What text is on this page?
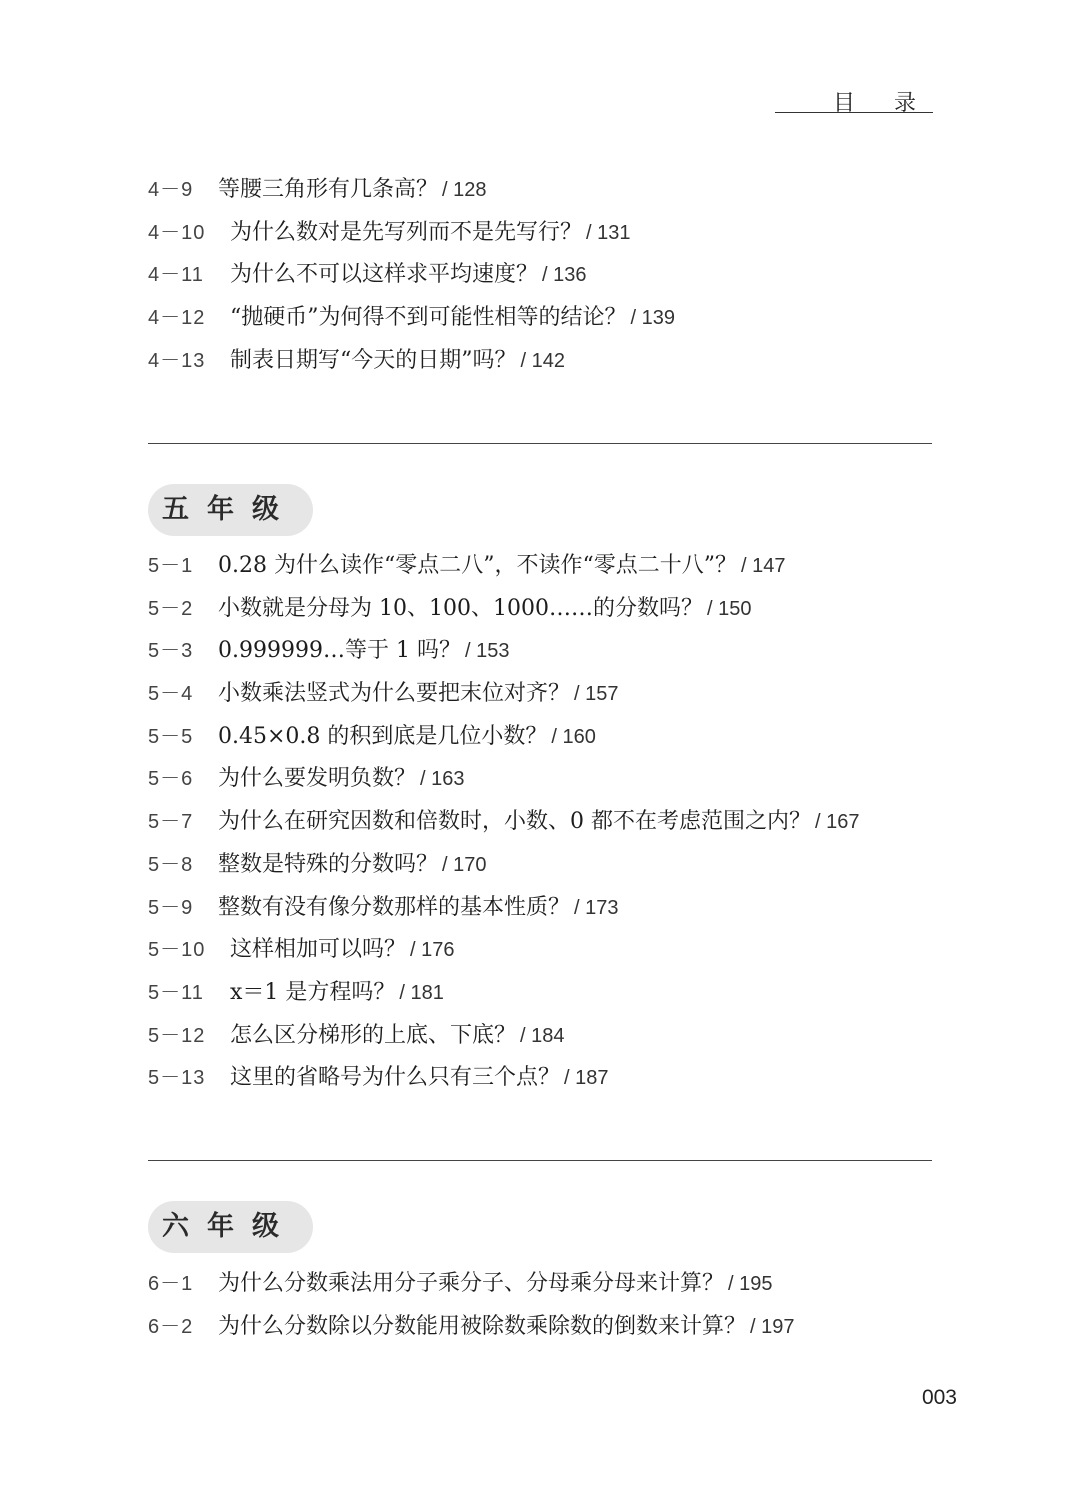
目 录
4－9	等腰三角形有几条高？ / 128
4－10	为什么数对是先写列而不是先写行？ / 131
4－11	为什么不可以这样求平均速度？ / 136
4－12	“抛硬币”为何得不到可能性相等的结论？ / 139
4－13	制表日期写“今天的日期”吗？ / 142
五年级
5－1	0.28 为什么读作“零点二八”，不读作“零点二十八”？ / 147
5－2	小数就是分母为 10、100、1000……的分数吗？ / 150
5－3	0.999999…等于 1 吗？ / 153
5－4	小数乘法竖式为什么要把末位对齐？ / 157
5－5	0.45×0.8 的积到底是几位小数？ / 160
5－6	为什么要发明负数？ / 163
5－7	为什么在研究因数和倍数时，小数、0 都不在考虑范围之内？ / 167
5－8	整数是特殊的分数吗？ / 170
5－9	整数有没有像分数那样的基本性质？ / 173
5－10	这样相加可以吗？ / 176
5－11	x＝1 是方程吗？ / 181
5－12	怎么区分梯形的上底、下底？ / 184
5－13	这里的省略号为什么只有三个点？ / 187
六年级
6－1	为什么分数乘法用分子乘分子、分母乘分母来计算？ / 195
6－2	为什么分数除以分数能用被除数乘除数的倒数来计算？ / 197
003
